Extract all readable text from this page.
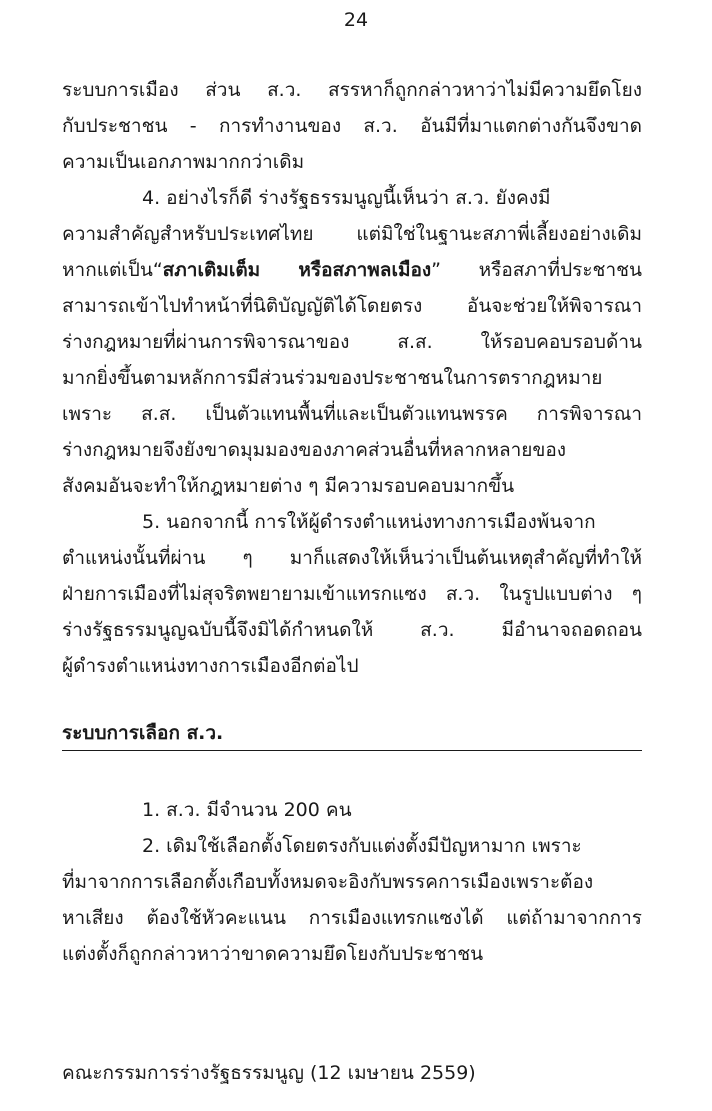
24
ระบบการเมือง ส่วน ส.ว. สรรหาก็ถูกกล่าวหาว่าไม่มีความยึดโยง
กับประชาชน - การทำงานของ ส.ว. อันมีที่มาแตกต่างกันจึงขาด
ความเป็นเอกภาพมากกว่าเดิม
4. อย่างไรก็ดี ร่างรัฐธรรมนูญนี้เห็นว่า ส.ว. ยังคงมี
ความสำคัญสำหรับประเทศไทย แต่มิใช่ในฐานะสภาพี่เลี้ยงอย่างเดิม
หากแต่เป็น“สภาเติมเต็ม หรือสภาพลเมือง” หรือสภาที่ประชาชน
สามารถเข้าไปทำหน้าที่นิติบัญญัติได้โดยตรง อันจะช่วยให้พิจารณา
ร่างกฎหมายที่ผ่านการพิจารณาของ ส.ส. ให้รอบคอบรอบด้าน
มากยิ่งขึ้นตามหลักการมีส่วนร่วมของประชาชนในการตรากฎหมาย
เพราะ ส.ส. เป็นตัวแทนพื้นที่และเป็นตัวแทนพรรค การพิจารณา
ร่างกฎหมายจึงยังขาดมุมมองของภาคส่วนอื่นที่หลากหลายของ
สังคมอันจะทำให้กฎหมายต่าง ๆ มีความรอบคอบมากขึ้น
5. นอกจากนี้ การให้ผู้ดำรงตำแหน่งทางการเมืองพ้นจาก
ตำแหน่งนั้นที่ผ่าน ๆ มาก็แสดงให้เห็นว่าเป็นต้นเหตุสำคัญที่ทำให้
ฝ่ายการเมืองที่ไม่สุจริตพยายามเข้าแทรกแซง ส.ว. ในรูปแบบต่าง ๆ
ร่างรัฐธรรมนูญฉบับนี้จึงมิได้กำหนดให้ ส.ว. มีอำนาจถอดถอน
ผู้ดำรงตำแหน่งทางการเมืองอีกต่อไป
ระบบการเลือก ส.ว.
1. ส.ว. มีจำนวน 200 คน
2. เดิมใช้เลือกตั้งโดยตรงกับแต่งตั้งมีปัญหามาก เพราะ
ที่มาจากการเลือกตั้งเกือบทั้งหมดจะอิงกับพรรคการเมืองเพราะต้อง
หาเสียง ต้องใช้หัวคะแนน การเมืองแทรกแซงได้ แต่ถ้ามาจากการ
แต่งตั้งก็ถูกกล่าวหาว่าขาดความยึดโยงกับประชาชน
คณะกรรมการร่างรัฐธรรมนูญ (12 เมษายน 2559)
